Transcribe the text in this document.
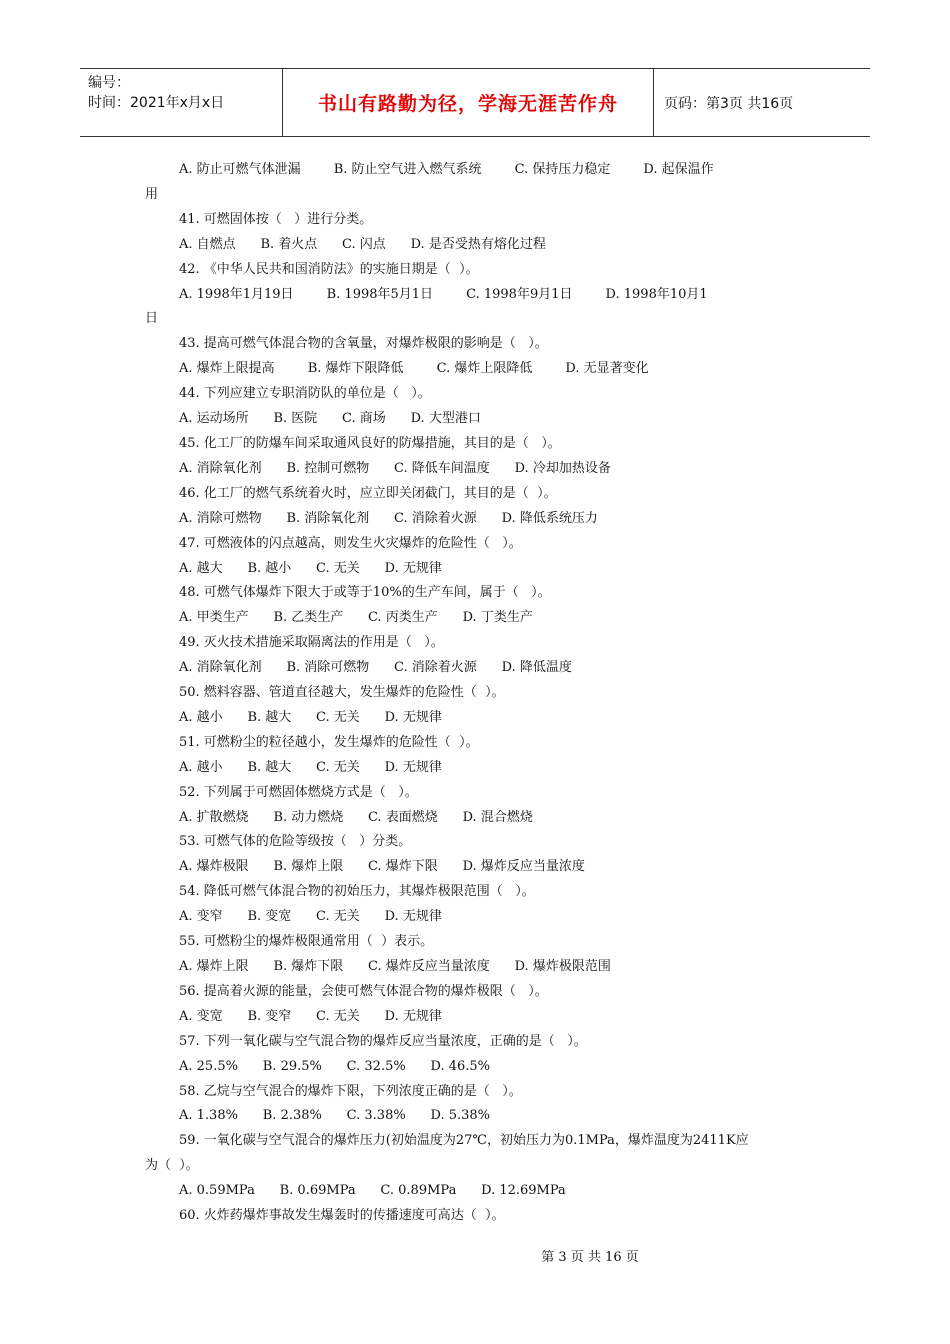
编号：
时间：2021年x月x日	书山有路勤为径，学海无涯苦作舟	页码：第3页 共16页
A. 防止可燃气体泄漏        B. 防止空气进入燃气系统        C. 保持压力稳定        D. 起保温作
用
41. 可燃固体按（   ）进行分类。
A. 自燃点      B. 着火点      C. 闪点      D. 是否受热有熔化过程
42. 《中华人民共和国消防法》的实施日期是（  ）。
A. 1998年1月19日        B. 1998年5月1日        C. 1998年9月1日        D. 1998年10月1
日
43. 提高可燃气体混合物的含氧量，对爆炸极限的影响是（   ）。
A. 爆炸上限提高        B. 爆炸下限降低        C. 爆炸上限降低        D. 无显著变化
44. 下列应建立专职消防队的单位是（   ）。
A. 运动场所      B. 医院      C. 商场      D. 大型港口
45. 化工厂的防爆车间采取通风良好的防爆措施，其目的是（   ）。
A. 消除氧化剂      B. 控制可燃物      C. 降低车间温度      D. 冷却加热设备
46. 化工厂的燃气系统着火时，应立即关闭截门，其目的是（  ）。
A. 消除可燃物      B. 消除氧化剂      C. 消除着火源      D. 降低系统压力
47. 可燃液体的闪点越高，则发生火灾爆炸的危险性（   ）。
A. 越大      B. 越小      C. 无关      D. 无规律
48. 可燃气体爆炸下限大于或等于10%的生产车间，属于（   ）。
A. 甲类生产      B. 乙类生产      C. 丙类生产      D. 丁类生产
49. 灭火技术措施采取隔离法的作用是（   ）。
A. 消除氧化剂      B. 消除可燃物      C. 消除着火源      D. 降低温度
50. 燃料容器、管道直径越大，发生爆炸的危险性（  ）。
A. 越小      B. 越大      C. 无关      D. 无规律
51. 可燃粉尘的粒径越小，发生爆炸的危险性（  ）。
A. 越小      B. 越大      C. 无关      D. 无规律
52. 下列属于可燃固体燃烧方式是（   ）。
A. 扩散燃烧      B. 动力燃烧      C. 表面燃烧      D. 混合燃烧
53. 可燃气体的危险等级按（   ）分类。
A. 爆炸极限      B. 爆炸上限      C. 爆炸下限      D. 爆炸反应当量浓度
54. 降低可燃气体混合物的初始压力，其爆炸极限范围（   ）。
A. 变窄      B. 变宽      C. 无关      D. 无规律
55. 可燃粉尘的爆炸极限通常用（  ）表示。
A. 爆炸上限      B. 爆炸下限      C. 爆炸反应当量浓度      D. 爆炸极限范围
56. 提高着火源的能量，会使可燃气体混合物的爆炸极限（   ）。
A. 变宽      B. 变窄      C. 无关      D. 无规律
57. 下列一氧化碳与空气混合物的爆炸反应当量浓度，正确的是（   ）。
A. 25.5%      B. 29.5%      C. 32.5%      D. 46.5%
58. 乙烷与空气混合的爆炸下限，下列浓度正确的是（   ）。
A. 1.38%      B. 2.38%      C. 3.38%      D. 5.38%
59. 一氧化碳与空气混合的爆炸压力(初始温度为27℃，初始压力为0.1MPa，爆炸温度为2411K应
为（  ）。
A. 0.59MPa      B. 0.69MPa      C. 0.89MPa      D. 12.69MPa
60. 火炸药爆炸事故发生爆轰时的传播速度可高达（  ）。
第 3 页 共 16 页
